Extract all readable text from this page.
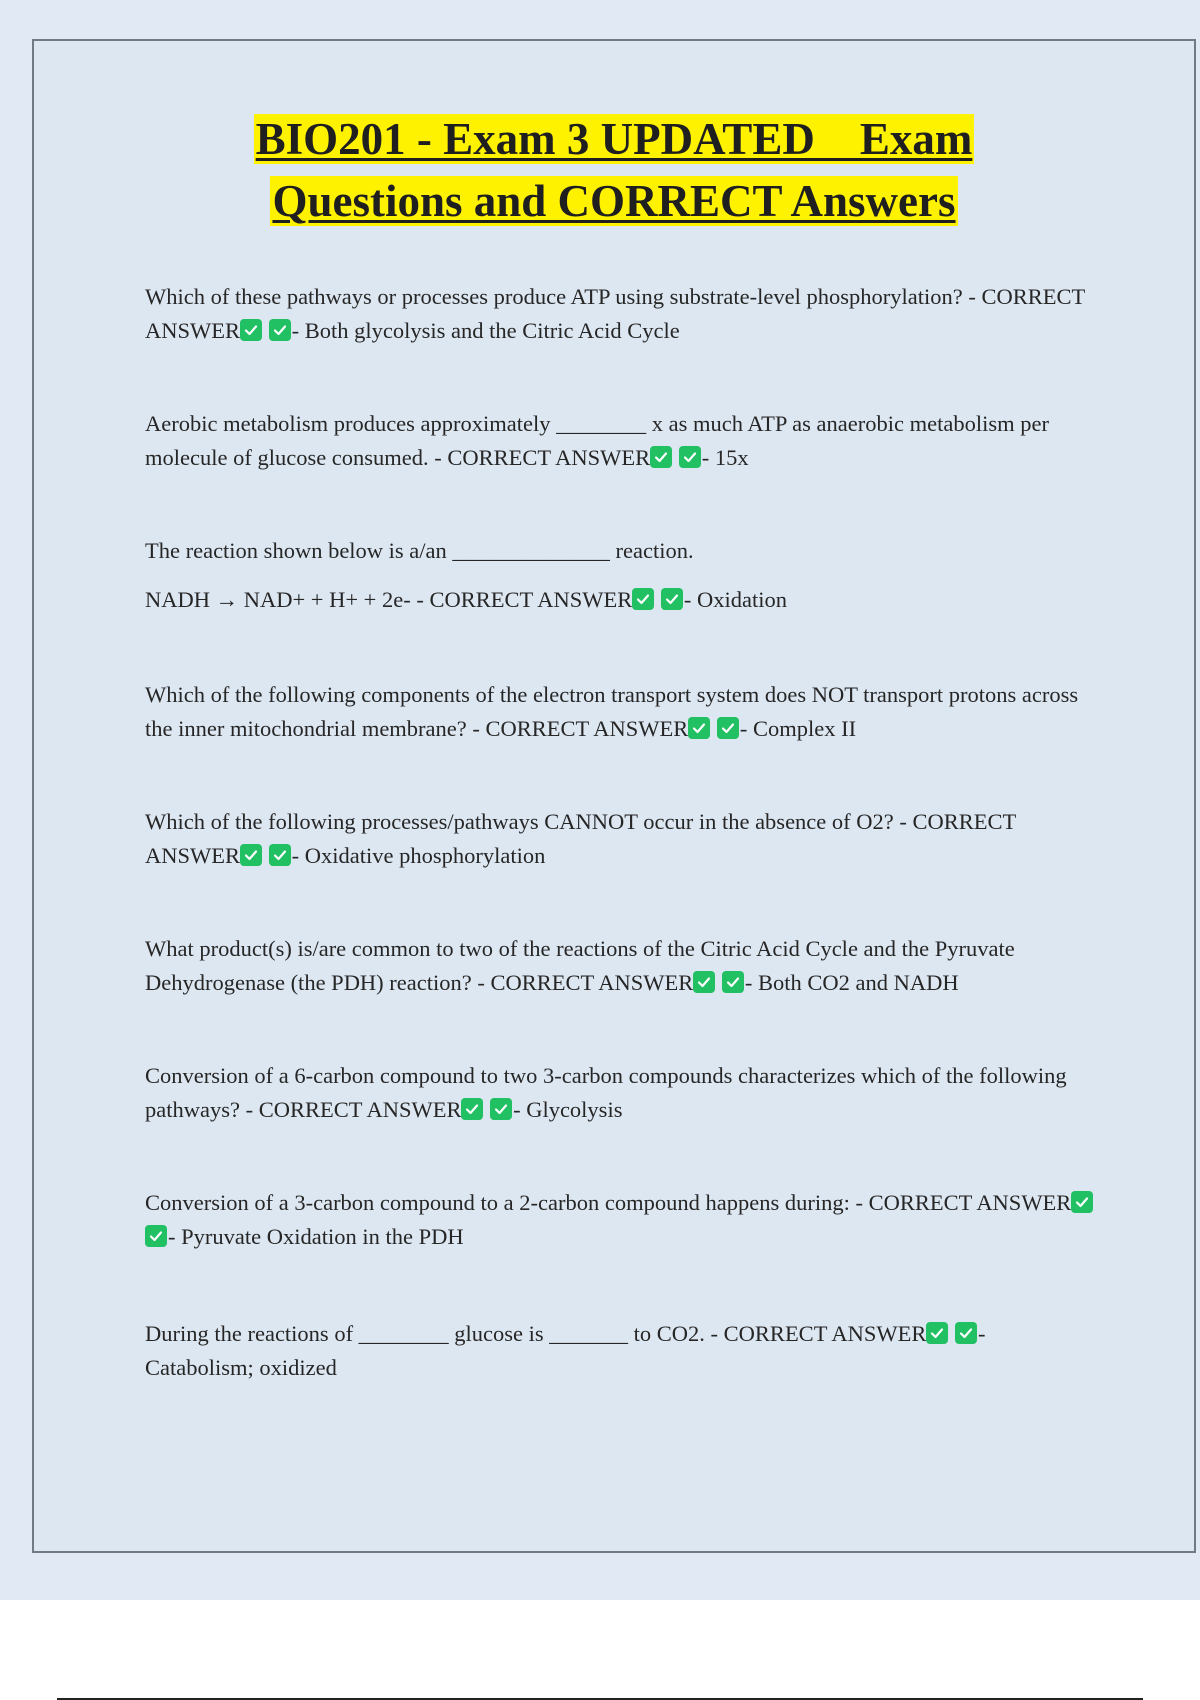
BIO201 - Exam 3 UPDATED    Exam
Questions and CORRECT Answers

Which of these pathways or processes produce ATP using substrate-level phosphorylation? - CORRECT ANSWER
- Both glycolysis and the Citric Acid Cycle

Aerobic metabolism produces approximately ________ x as much ATP as anaerobic metabolism per molecule of glucose consumed. - CORRECT ANSWER
- 15x

The reaction shown below is a/an ______________ reaction.

NADH → NAD+ + H+ + 2e- - CORRECT ANSWER
- Oxidation

Which of the following components of the electron transport system does NOT transport protons across the inner mitochondrial membrane? - CORRECT ANSWER
- Complex II

Which of the following processes/pathways CANNOT occur in the absence of O2? - CORRECT ANSWER
- Oxidative phosphorylation

What product(s) is/are common to two of the reactions of the Citric Acid Cycle and the Pyruvate Dehydrogenase (the PDH) reaction? - CORRECT ANSWER
- Both CO2 and NADH

Conversion of a 6-carbon compound to two 3-carbon compounds characterizes which of the following pathways? - CORRECT ANSWER
- Glycolysis

Conversion of a 3-carbon compound to a 2-carbon compound happens during: - CORRECT ANSWER

- Pyruvate Oxidation in the PDH

During the reactions of ________ glucose is _______ to CO2. - CORRECT ANSWER
- Catabolism; oxidized
